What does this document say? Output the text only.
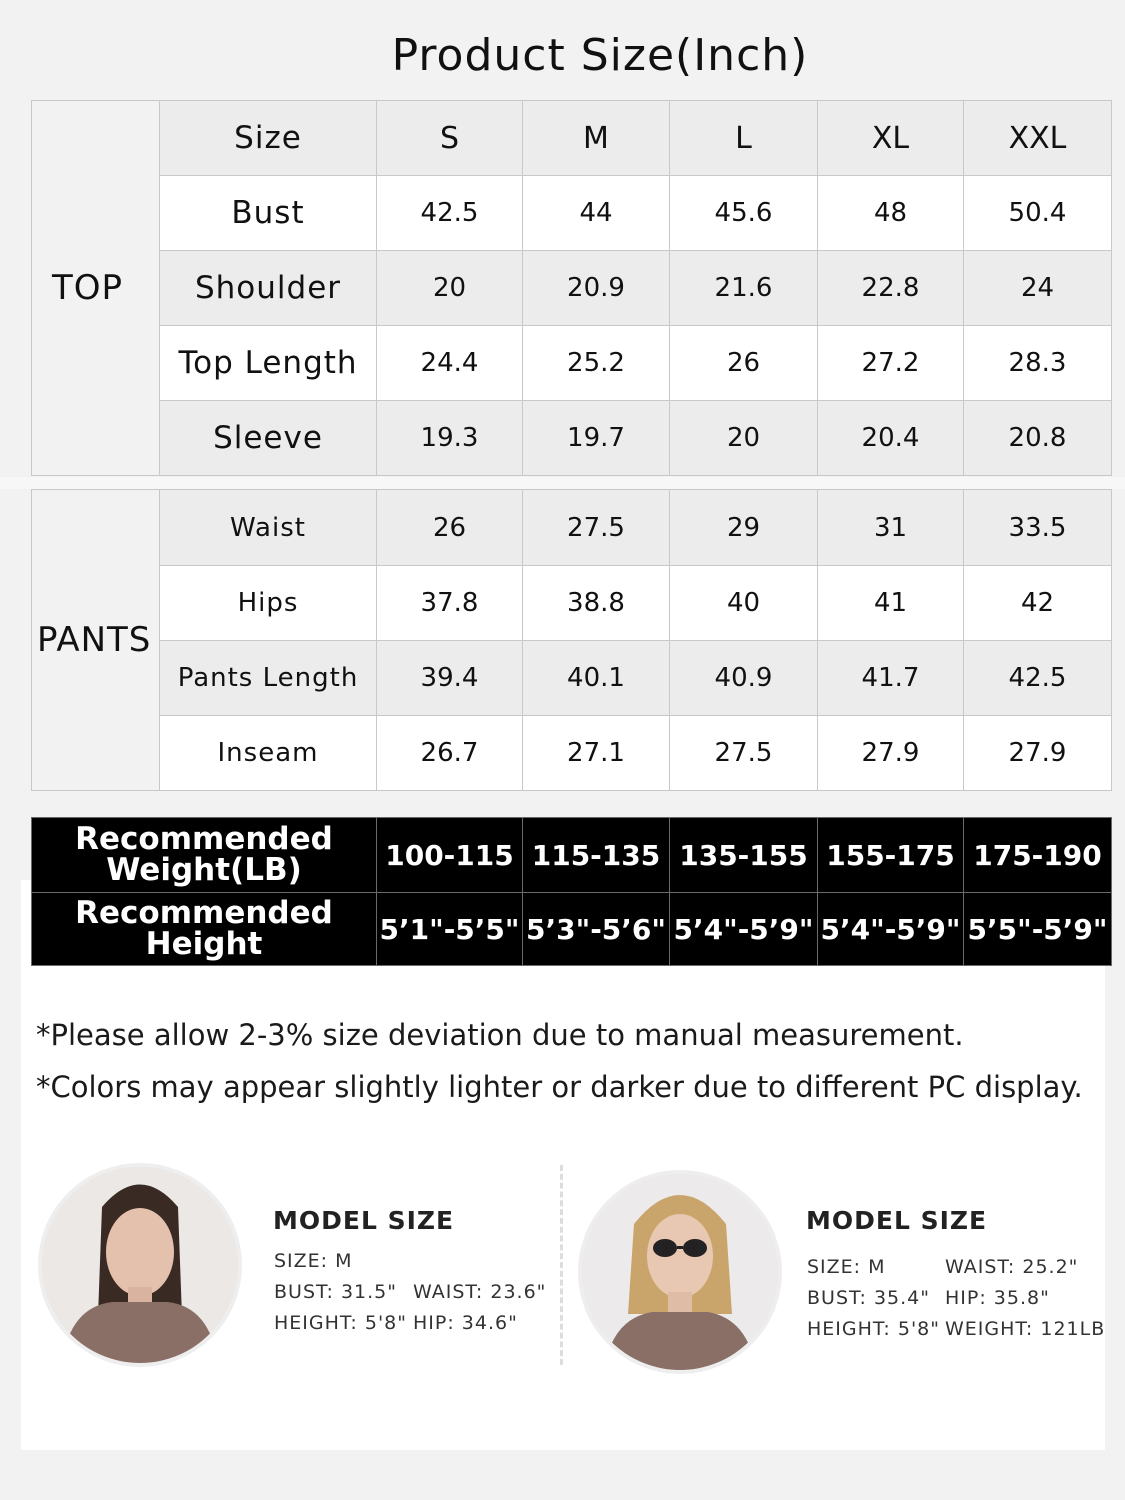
Product Size(Inch)
TOP	Size	S	M	L	XL	XXL
	Bust	42.5	44	45.6	48	50.4
	Shoulder	20	20.9	21.6	22.8	24
	Top Length	24.4	25.2	26	27.2	28.3
	Sleeve	19.3	19.7	20	20.4	20.8
PANTS	Waist	26	27.5	29	31	33.5
	Hips	37.8	38.8	40	41	42
	Pants Length	39.4	40.1	40.9	41.7	42.5
	Inseam	26.7	27.1	27.5	27.9	27.9
Recommended
Weight(LB)	100-115	115-135	135-155	155-175	175-190
Recommended
Height	5’1"-5’5"	5’3"-5’6"	5’4"-5’9"	5’4"-5’9"	5’5"-5’9"
*Please allow 2-3% size deviation due to manual measurement.
*Colors may appear slightly lighter or darker due to different PC display.
MODEL SIZE
SIZE: M
BUST: 31.5"
HEIGHT: 5'8"
WAIST: 23.6"
HIP: 34.6"
MODEL SIZE
SIZE: M
BUST: 35.4"
HEIGHT: 5'8"
WAIST: 25.2"
HIP: 35.8"
WEIGHT: 121LB
